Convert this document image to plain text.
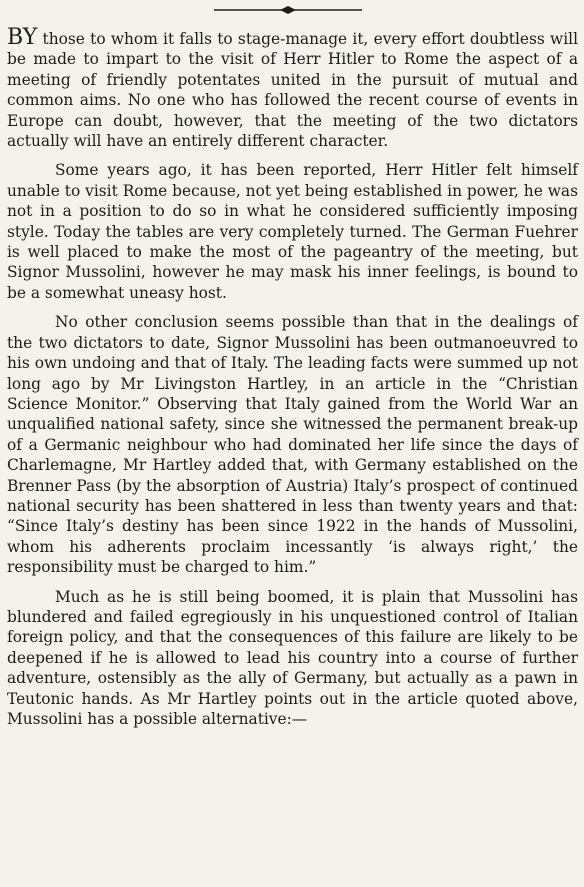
BY those to whom it falls to stage-manage it, every effort doubtless will be made to impart to the visit of Herr Hitler to Rome the aspect of a meeting of friendly potentates united in the pursuit of mutual and common aims. No one who has followed the recent course of events in Europe can doubt, however, that the meeting of the two dictators actually will have an entirely different character.

Some years ago, it has been reported, Herr Hitler felt himself unable to visit Rome because, not yet being established in power, he was not in a position to do so in what he considered sufficiently imposing style. Today the tables are very completely turned. The German Fuehrer is well placed to make the most of the pageantry of the meeting, but Signor Mussolini, however he may mask his inner feelings, is bound to be a somewhat uneasy host.

No other conclusion seems possible than that in the dealings of the two dictators to date, Signor Mussolini has been outmanoeuvred to his own undoing and that of Italy. The leading facts were summed up not long ago by Mr Livingston Hartley, in an article in the “Christian Science Monitor.” Observing that Italy gained from the World War an unqualified national safety, since she witnessed the permanent break-up of a Germanic neighbour who had dominated her life since the days of Charlemagne, Mr Hartley added that, with Germany established on the Brenner Pass (by the absorption of Austria) Italy’s prospect of continued national security has been shattered in less than twenty years and that: “Since Italy’s destiny has been since 1922 in the hands of Mussolini, whom his adherents proclaim incessantly ‘is always right,’ the responsibility must be charged to him.”

Much as he is still being boomed, it is plain that Mussolini has blundered and failed egregiously in his unquestioned control of Italian foreign policy, and that the consequences of this failure are likely to be deepened if he is allowed to lead his country into a course of further adventure, ostensibly as the ally of Germany, but actually as a pawn in Teutonic hands. As Mr Hartley points out in the article quoted above, Mussolini has a possible alternative:—
